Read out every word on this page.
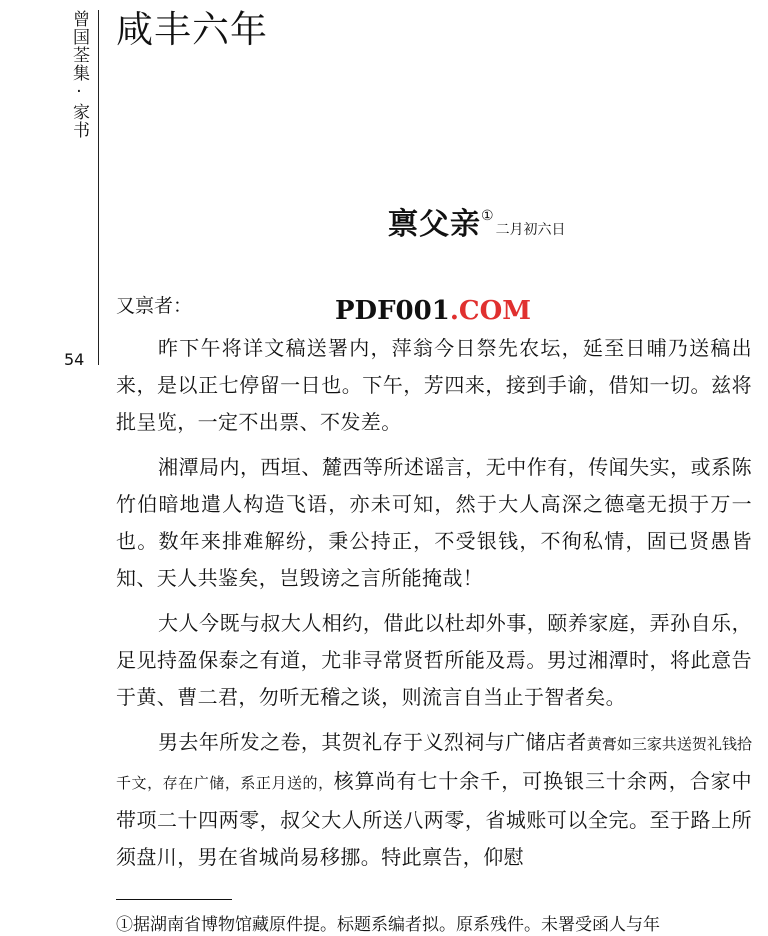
曾国荃集·家书
54
咸丰六年
禀父亲①二月初六日
又禀者：	PDF001.COM

昨下午将详文稿送署内，萍翁今日祭先农坛，延至日晡乃送稿出来，是以正七停留一日也。下午，芳四来，接到手谕，借知一切。兹将批呈览，一定不出票、不发差。

湘潭局内，西垣、麓西等所述谣言，无中作有，传闻失实，或系陈竹伯暗地遣人构造飞语，亦未可知，然于大人高深之德毫无损于万一也。数年来排难解纷，秉公持正，不受银钱，不徇私情，固已贤愚皆知、天人共鉴矣，岂毁谤之言所能掩哉！

大人今既与叔大人相约，借此以杜却外事，颐养家庭，弄孙自乐，足见持盈保泰之有道，尤非寻常贤哲所能及焉。男过湘潭时，将此意告于黄、曹二君，勿听无稽之谈，则流言自当止于智者矣。

男去年所发之卷，其贺礼存于义烈祠与广储店者黄膏如三家共送贺礼钱拾千文，存在广储，系正月送的，核算尚有七十余千，可换银三十余两，合家中带项二十四两零，叔父大人所送八两零，省城账可以全完。至于路上所须盘川，男在省城尚易移挪。特此禀告，仰慰

①据湖南省博物馆藏原件提。标题系编者拟。原系残件。未署受函人与年
